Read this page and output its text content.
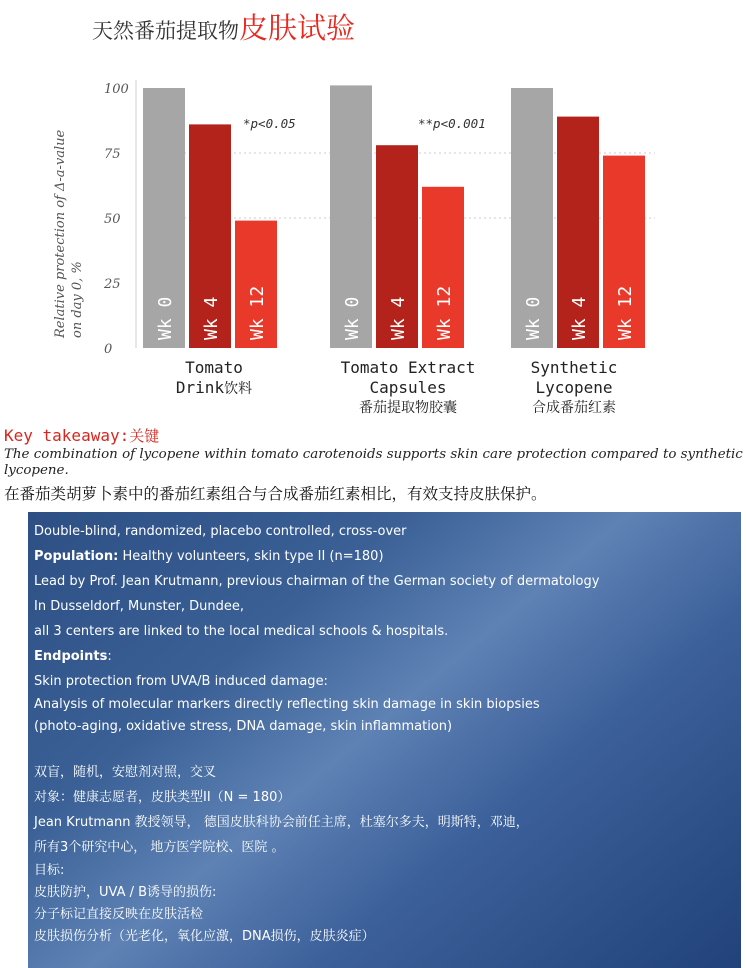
天然番茄提取物皮肤试验
0
25
50
75
100
Wk 0 Wk 4 Wk 12
*p<0.05
Wk 0 Wk 4 Wk 12
**p<0.001
Wk 0 Wk 4 Wk 12
Relative protection of Δ-a-value on day 0, %
Tomato
Drink饮料
Tomato Extract
Capsules
番茄提取物胶囊
Synthetic
Lycopene
合成番茄红素
Key takeaway:关键
The combination of lycopene within tomato carotenoids supports skin care protection compared to synthetic lycopene.
在番茄类胡萝卜素中的番茄红素组合与合成番茄红素相比，有效支持皮肤保护。
Double-blind, randomized, placebo controlled, cross-over
Population: Healthy volunteers, skin type II (n=180)
Lead by Prof. Jean Krutmann, previous chairman of the German society of dermatology
In Dusseldorf, Munster, Dundee,
all 3 centers are linked to the local medical schools & hospitals.
Endpoints:
Skin protection from UVA/B induced damage:
Analysis of molecular markers directly reflecting skin damage in skin biopsies
(photo-aging, oxidative stress, DNA damage, skin inflammation)
双盲，随机，安慰剂对照，交叉
对象：健康志愿者，皮肤类型II（N = 180）
Jean Krutmann 教授领导， 德国皮肤科协会前任主席，杜塞尔多夫，明斯特，邓迪，
所有3个研究中心， 地方医学院校、医院 。
目标:
皮肤防护，UVA / B诱导的损伤:
分子标记直接反映在皮肤活检
皮肤损伤分析（光老化，氧化应激，DNA损伤，皮肤炎症）
